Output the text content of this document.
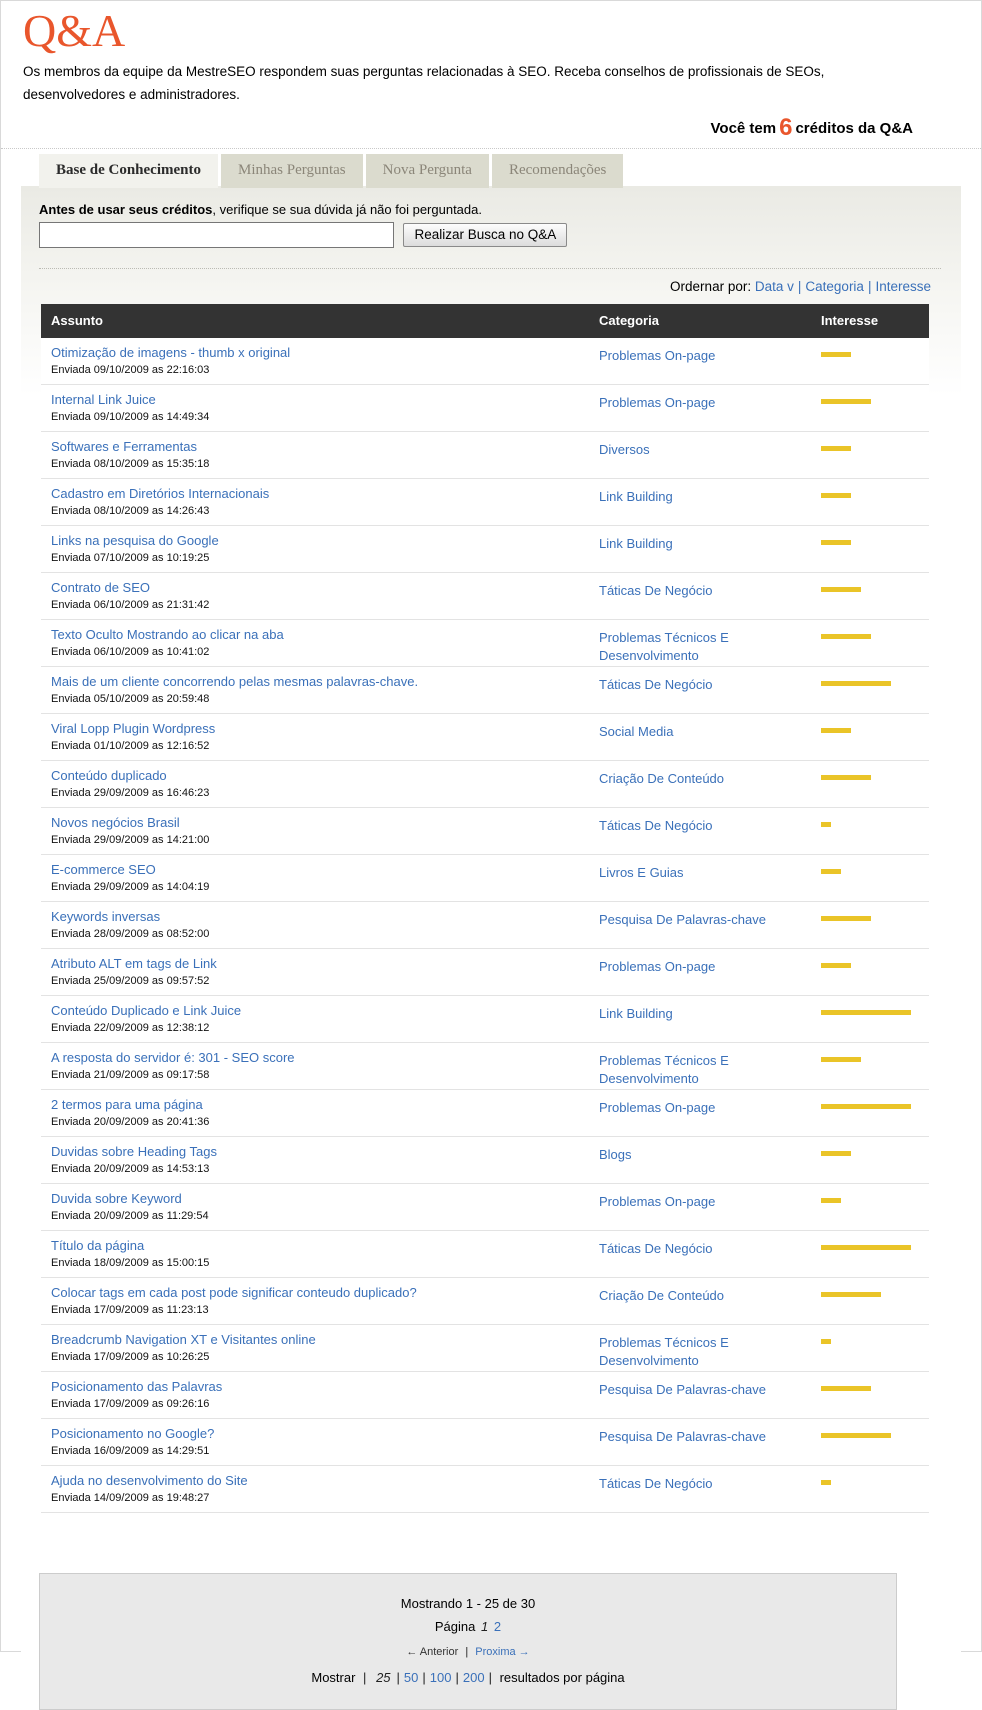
Q&A

Os membros da equipe da MestreSEO respondem suas perguntas relacionadas à SEO. Receba conselhos de profissionais de SEOs, desenvolvedores e administradores.

Você tem 6 créditos da Q&A
Base de Conhecimento Minhas Perguntas Nova Pergunta Recomendações
Antes de usar seus créditos, verifique se sua dúvida já não foi perguntada.
Realizar Busca no Q&A
Ordernar por: Data v | Categoria | Interesse
Assunto	Categoria	Interesse
Otimização de imagens - thumb x original
Enviada 09/10/2009 as 22:16:03
Problemas On-page
Internal Link Juice
Enviada 09/10/2009 as 14:49:34
Problemas On-page
Softwares e Ferramentas
Enviada 08/10/2009 as 15:35:18
Diversos
Cadastro em Diretórios Internacionais
Enviada 08/10/2009 as 14:26:43
Link Building
Links na pesquisa do Google
Enviada 07/10/2009 as 10:19:25
Link Building
Contrato de SEO
Enviada 06/10/2009 as 21:31:42
Táticas De Negócio
Texto Oculto Mostrando ao clicar na aba
Enviada 06/10/2009 as 10:41:02
Problemas Técnicos E Desenvolvimento
Mais de um cliente concorrendo pelas mesmas palavras-chave.
Enviada 05/10/2009 as 20:59:48
Táticas De Negócio
Viral Lopp Plugin Wordpress
Enviada 01/10/2009 as 12:16:52
Social Media
Conteúdo duplicado
Enviada 29/09/2009 as 16:46:23
Criação De Conteúdo
Novos negócios Brasil
Enviada 29/09/2009 as 14:21:00
Táticas De Negócio
E-commerce SEO
Enviada 29/09/2009 as 14:04:19
Livros E Guias
Keywords inversas
Enviada 28/09/2009 as 08:52:00
Pesquisa De Palavras-chave
Atributo ALT em tags de Link
Enviada 25/09/2009 as 09:57:52
Problemas On-page
Conteúdo Duplicado e Link Juice
Enviada 22/09/2009 as 12:38:12
Link Building
A resposta do servidor é: 301 - SEO score
Enviada 21/09/2009 as 09:17:58
Problemas Técnicos E Desenvolvimento
2 termos para uma página
Enviada 20/09/2009 as 20:41:36
Problemas On-page
Duvidas sobre Heading Tags
Enviada 20/09/2009 as 14:53:13
Blogs
Duvida sobre Keyword
Enviada 20/09/2009 as 11:29:54
Problemas On-page
Título da página
Enviada 18/09/2009 as 15:00:15
Táticas De Negócio
Colocar tags em cada post pode significar conteudo duplicado?
Enviada 17/09/2009 as 11:23:13
Criação De Conteúdo
Breadcrumb Navigation XT e Visitantes online
Enviada 17/09/2009 as 10:26:25
Problemas Técnicos E Desenvolvimento
Posicionamento das Palavras
Enviada 17/09/2009 as 09:26:16
Pesquisa De Palavras-chave
Posicionamento no Google?
Enviada 16/09/2009 as 14:29:51
Pesquisa De Palavras-chave
Ajuda no desenvolvimento do Site
Enviada 14/09/2009 as 19:48:27
Táticas De Negócio
Mostrando 1 - 25 de 30
Página 1 2
← Anterior | Proxima →
Mostrar | 25 | 50 | 100 | 200 | resultados por página
